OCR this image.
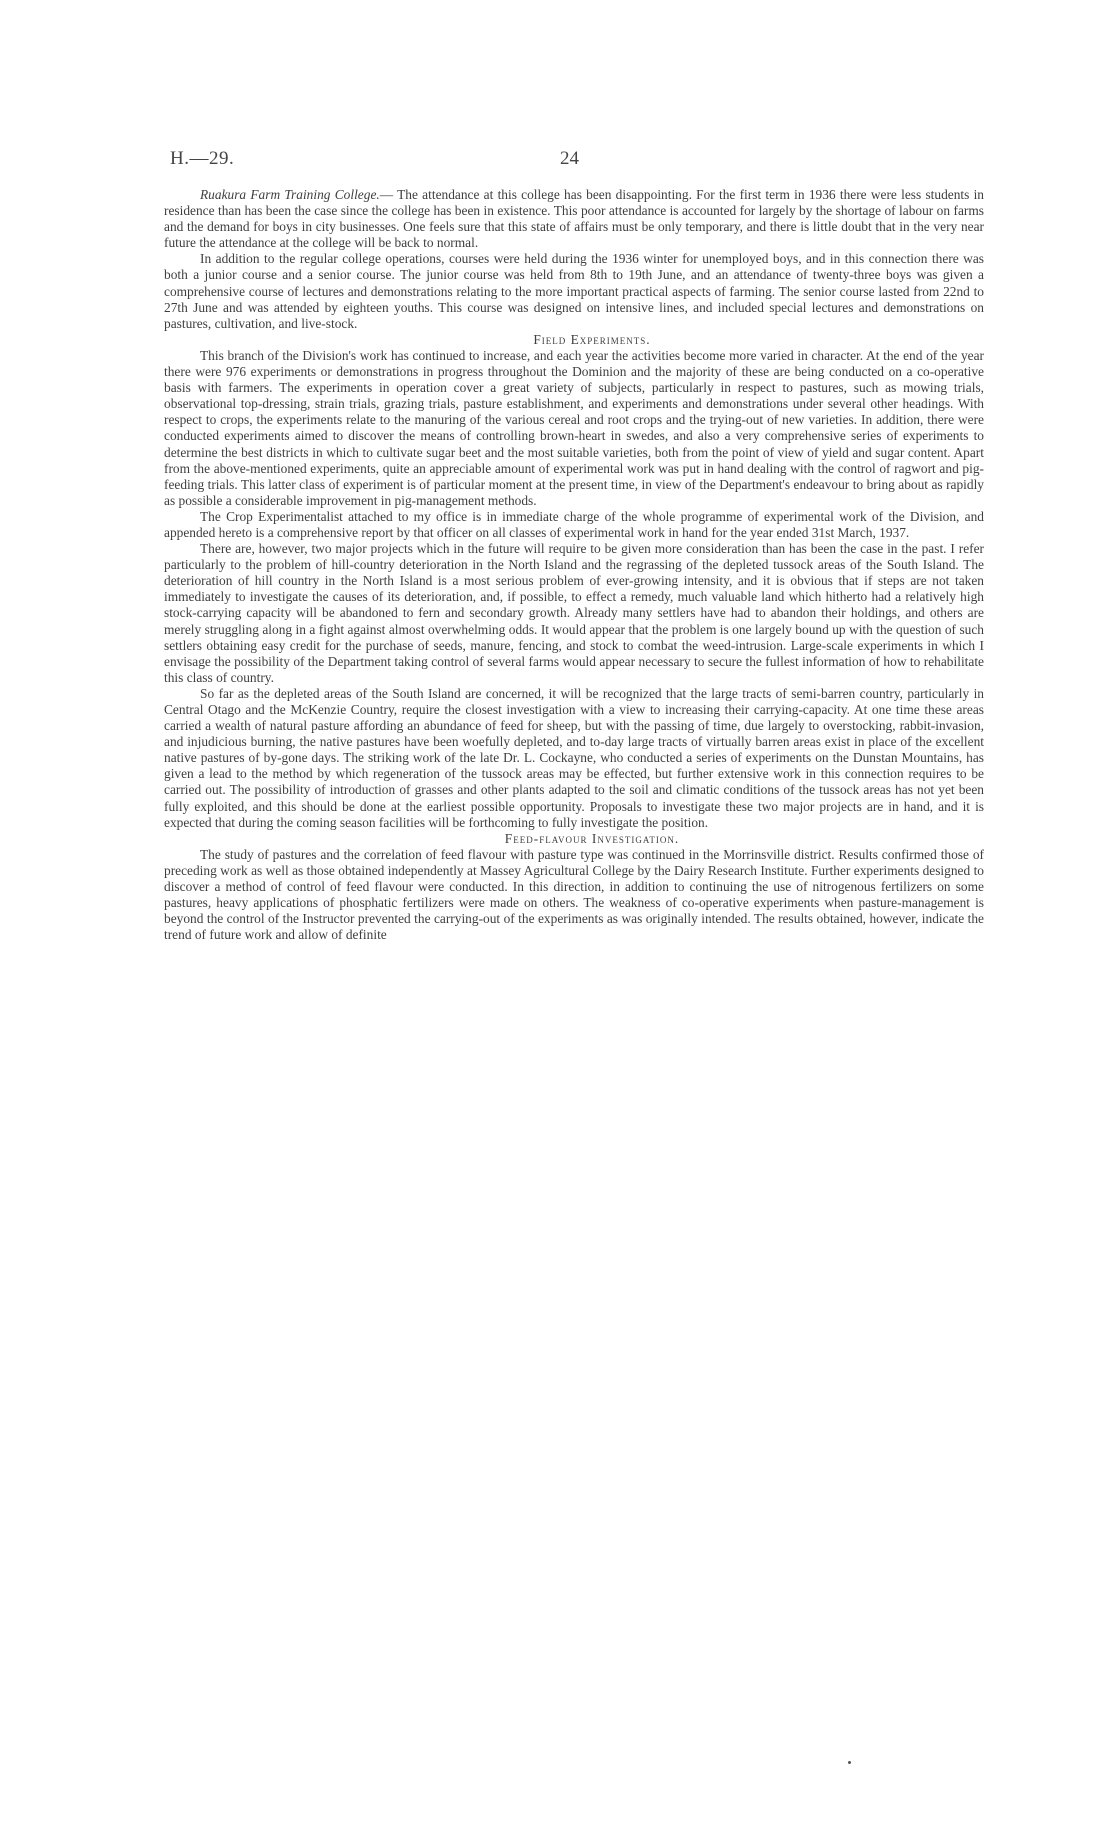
H.—29.	24

Ruakura Farm Training College.— The attendance at this college has been disappointing. For the first term in 1936 there were less students in residence than has been the case since the college has been in existence. This poor attendance is accounted for largely by the shortage of labour on farms and the demand for boys in city businesses. One feels sure that this state of affairs must be only temporary, and there is little doubt that in the very near future the attendance at the college will be back to normal.

In addition to the regular college operations, courses were held during the 1936 winter for unemployed boys, and in this connection there was both a junior course and a senior course. The junior course was held from 8th to 19th June, and an attendance of twenty-three boys was given a comprehensive course of lectures and demonstrations relating to the more important practical aspects of farming. The senior course lasted from 22nd to 27th June and was attended by eighteen youths. This course was designed on intensive lines, and included special lectures and demonstrations on pastures, cultivation, and live-stock.

Field Experiments.

This branch of the Division's work has continued to increase, and each year the activities become more varied in character. At the end of the year there were 976 experiments or demonstrations in progress throughout the Dominion and the majority of these are being conducted on a co-operative basis with farmers. The experiments in operation cover a great variety of subjects, particularly in respect to pastures, such as mowing trials, observational top-dressing, strain trials, grazing trials, pasture establishment, and experiments and demonstrations under several other headings. With respect to crops, the experiments relate to the manuring of the various cereal and root crops and the trying-out of new varieties. In addition, there were conducted experiments aimed to discover the means of controlling brown-heart in swedes, and also a very comprehensive series of experiments to determine the best districts in which to cultivate sugar beet and the most suitable varieties, both from the point of view of yield and sugar content. Apart from the above-mentioned experiments, quite an appreciable amount of experimental work was put in hand dealing with the control of ragwort and pig-feeding trials. This latter class of experiment is of particular moment at the present time, in view of the Department's endeavour to bring about as rapidly as possible a considerable improvement in pig-management methods.

The Crop Experimentalist attached to my office is in immediate charge of the whole programme of experimental work of the Division, and appended hereto is a comprehensive report by that officer on all classes of experimental work in hand for the year ended 31st March, 1937.

There are, however, two major projects which in the future will require to be given more consideration than has been the case in the past. I refer particularly to the problem of hill-country deterioration in the North Island and the regrassing of the depleted tussock areas of the South Island. The deterioration of hill country in the North Island is a most serious problem of ever-growing intensity, and it is obvious that if steps are not taken immediately to investigate the causes of its deterioration, and, if possible, to effect a remedy, much valuable land which hitherto had a relatively high stock-carrying capacity will be abandoned to fern and secondary growth. Already many settlers have had to abandon their holdings, and others are merely struggling along in a fight against almost overwhelming odds. It would appear that the problem is one largely bound up with the question of such settlers obtaining easy credit for the purchase of seeds, manure, fencing, and stock to combat the weed-intrusion. Large-scale experiments in which I envisage the possibility of the Department taking control of several farms would appear necessary to secure the fullest information of how to rehabilitate this class of country.

So far as the depleted areas of the South Island are concerned, it will be recognized that the large tracts of semi-barren country, particularly in Central Otago and the McKenzie Country, require the closest investigation with a view to increasing their carrying-capacity. At one time these areas carried a wealth of natural pasture affording an abundance of feed for sheep, but with the passing of time, due largely to overstocking, rabbit-invasion, and injudicious burning, the native pastures have been woefully depleted, and to-day large tracts of virtually barren areas exist in place of the excellent native pastures of by-gone days. The striking work of the late Dr. L. Cockayne, who conducted a series of experiments on the Dunstan Mountains, has given a lead to the method by which regeneration of the tussock areas may be effected, but further extensive work in this connection requires to be carried out. The possibility of introduction of grasses and other plants adapted to the soil and climatic conditions of the tussock areas has not yet been fully exploited, and this should be done at the earliest possible opportunity. Proposals to investigate these two major projects are in hand, and it is expected that during the coming season facilities will be forthcoming to fully investigate the position.

Feed-flavour Investigation.

The study of pastures and the correlation of feed flavour with pasture type was continued in the Morrinsville district. Results confirmed those of preceding work as well as those obtained independently at Massey Agricultural College by the Dairy Research Institute. Further experiments designed to discover a method of control of feed flavour were conducted. In this direction, in addition to continuing the use of nitrogenous fertilizers on some pastures, heavy applications of phosphatic fertilizers were made on others. The weakness of co-operative experiments when pasture-management is beyond the control of the Instructor prevented the carrying-out of the experiments as was originally intended. The results obtained, however, indicate the trend of future work and allow of definite
